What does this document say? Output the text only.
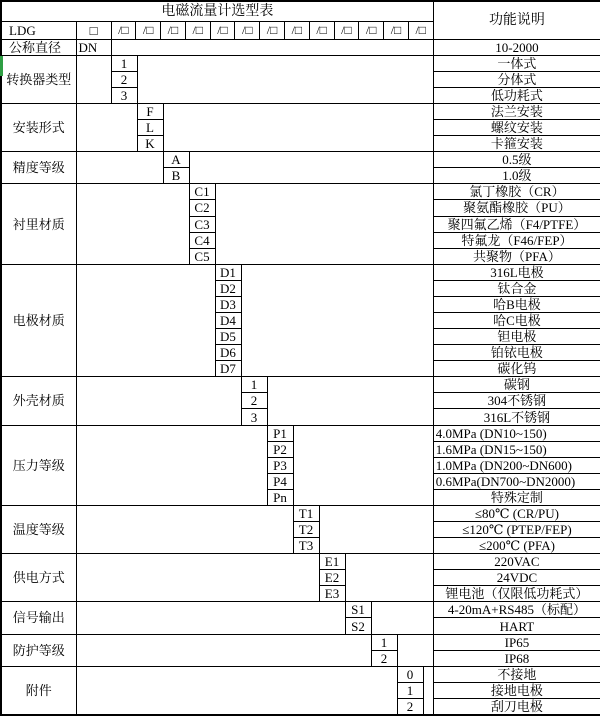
电磁流量计选型表															功能说明
LDG	□	/□	/□	/□	/□	/□	/□	/□	/□	/□	/□	/□	/□	/□

公称直径	DN														10-2000
转换器类型		1													一体式
		2													分体式
		3													低功耗式
安装形式			F												法兰安装
			L												螺纹安装
			K												卡箍安装
精度等级				A											0.5级
				B											1.0级
衬里材质					C1										氯丁橡胶（CR）
					C2										聚氨酯橡胶（PU）
					C3										聚四氟乙烯（F4/PTFE）
					C4										特氟龙（F46/FEP）
					C5										共聚物（PFA）
电极材质						D1									316L电极
						D2									钛合金
						D3									哈B电极
						D4									哈C电极
						D5									钽电极
						D6									铂铱电极
						D7									碳化钨
外壳材质							1								碳钢
							2								304不锈钢
							3								316L不锈钢
压力等级								P1							4.0MPa (DN10~150)
								P2							1.6MPa (DN15~150)
								P3							1.0MPa (DN200~DN600)
								P4							0.6MPa(DN700~DN2000)
								Pn							特殊定制
温度等级									T1						≤80℃ (CR/PU)
									T2						≤120℃ (PTEP/FEP)
									T3						≤200℃ (PFA)
供电方式										E1					220VAC
										E2					24VDC
										E3					锂电池（仅限低功耗式）
信号输出											S1				4-20mA+RS485（标配）
											S2				HART
防护等级												1			IP65
												2			IP68
附件													0		不接地
													1		接地电极
													2		刮刀电极
